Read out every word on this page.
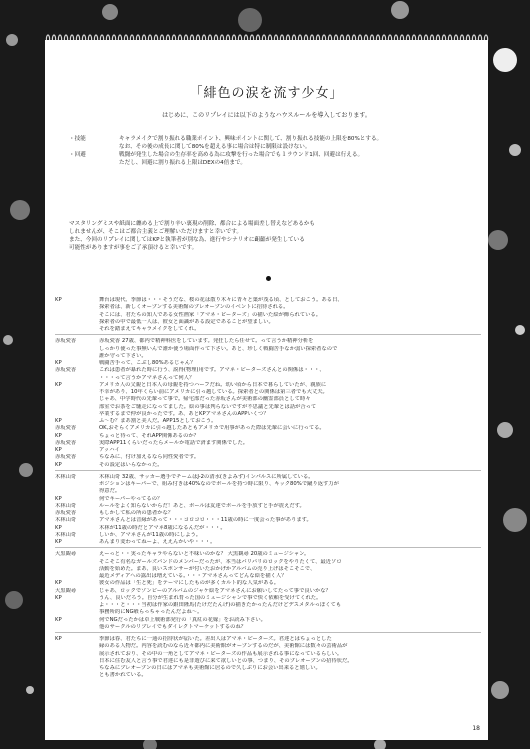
「緋色の涙を流す少女」
はじめに、このリプレイには以下のようなハウスルールを導入しております。
・技能	キャラメイクで割り振れる職業ポイント、興味ポイントに関して、割り振れる技能の上限を80%とする。
なお、その後の成長に関して80%を超える事に場合は特に制限は設けない。
・回避	戦闘が発生した場合の生存率を高める為に攻撃を行った場合でも１ラウンド1回、回避は行える。
ただし、回避に割り振れる上限はDEXの4倍まで。
マスタリングミスや紙面に纏める上で割り辛い裏現の削除、都合による場面差し替えなどあるかも
しれませんが、そこはご都合主義とご理解いただけますと幸いです。
また、今回のリプレイに関してはKPと執筆者が別な為、進行やシナリオに齟齬が発生している
可能性がありますが事をご了承頂けると幸いです。
KP	舞台は現代、季節は・・・そうだな、桜の花は散り木々に青々と葉が茂る頃、としておこう。ある日、
探索者は、新しくオープンする美術館のプレオープンのイベントに招待される。
そこには、君たちの知人である女性画家「アマネ・ピーターズ」の描いた絵が飾られている。
探索者の中で最低一人は、彼女と面識がある設定であることが望ましい。
それを踏まえてキャラメイクをしてくれ。
赤坂愛香	赤坂愛香 27歳、都内で精神科医をしています。発狂したら任せて。って言うか精神分析を
しっかり使った事無いんで誰か使う場面作って下さい。あと、珍しく戦闘苦手なか弱い探索者なので
誰か守って下さい。
KP	戦闘苦手って、こぶし80%あるじゃん？
赤坂愛香	これは患者が暴れた時に行う、説得(物理)用です。アマネ・ピーターズさんとの関係は・・・、
・・・って言うかアマネさんって何人？
KP	アメリカ人の父親と日本人の母親を持つハーフだね。幼い頃から日本で暮らしていたが、親族に
不幸があり、10年くらい前にアメリカに引っ越している。探索者との関係は第三者でも大丈夫。
じゃあ、中学時代の先輩って事で。帰宅部だった赤坂さんが美術部の幽霊部員として時々
部室でお茶をご馳走になってました。絵の事は判らないですが不思議と先輩とは話が合って
卒業するまで仲が良かったです。あ、あとKPアマネさんのAPPいくつ？
KP	ふ～む？まあ割と美人だ。APP15としておこう。
赤坂愛香	OK,おそらくアメリカに引っ越したあともアメリカで用事があった際は先輩に会いに行ってる。
KP	ちょっと待って、それAPP関係あるのか？
赤坂愛香	実際APP11くらいだったらメールか電話で済ます関係でした。
KP	アッハイ
赤坂愛香	ちなみに、付け加えるなら同性愛者です。
KP	その設定はいらなかった。
木林山奇	木林山奇 32歳、サッカー選手でチームはJ-2の清水(きよみず)インパルスに所属している。
ポジションはキーパーで、組み付きは40%なのでボールを持つ時に限り、キック80%で蹴り返す力が
得意だ。
KP	何でキーパーやってるの？
木林山奇	ルールをよく知らないからだ！あと、ボールは友達でボールを手放すと手が震えだす。
赤坂愛香	もしかして私の所の患者かな？
木林山奇	アマネさんとは音縁があって・・・コロコロ・・・11歳の時に一度会った事があります。
KP	木林が11歳の時だとアマネ8歳になるんだが・・・。
木林山奇	しいか、アマネさんが11歳の時にしよう。
KP	あんまり変わってねーよ、ええんかいや・・・。
大黒観尋	えーっと・・実ったキャラやらないと不味いのかな？ 大黒観尋 20歳のミュージシャン。
そこそこ有名なガールズバンドのメンバーだったが、本当はバリバリのロックをやりたくて、最近ソロ
活動を始めた。まあ、良いスポンサーが付いたおかげかアルバムの売り上げはそこそこで、
最近メディアへの露出は増えている。・・・アマネさんってどんな絵を描く人？
KP	彼女の作品は「生と死」をテーマにしたものが多くカルト的な人気がある。
大黒観尋	じゃあ、ロックでゾンビーのアルバムのジャケ絵をアマネさんにお願いしてたって事で良いかな？
KP	うん、良いだろう。自分が生まれ育った国のミュージシャンで事で快く依頼を受けてくれた。
よ・・・と・・・当初は作家の銀田隆馬(たけだたんげ)の描きたかったんだけどデスメタルっぽくても
事務所的にNG喰らっちゃったんだよね～。
KP	何でNGだったかは卓上戦術部発行の「真紅の花嫁」をお読み下さい。
他のサークルのリプレイでもダイレクトマーケットするのね？
KP	季節は春、君たちに一通の招待状が届いた。差出人はアマネ・ピーターズ。君達とはちょっとした
縁のある人物だ。内容を読むのなら近々都内に美術館がオープンするのだが、美術館には数々の芸術品が
展示されており、その中の一角としてアマネ・ピーターズの作品も展示される事になっているらしい。
日本に住む友人と言う事で君達にも是非遊びに来て欲しいとの事、つまり、そのプレオープンの招待状だ。
ちなみにプレオープンの日にはアマネも美術館に居るので久しぶりにお会い出来ると嬉しい。
とも書かれている。
18
